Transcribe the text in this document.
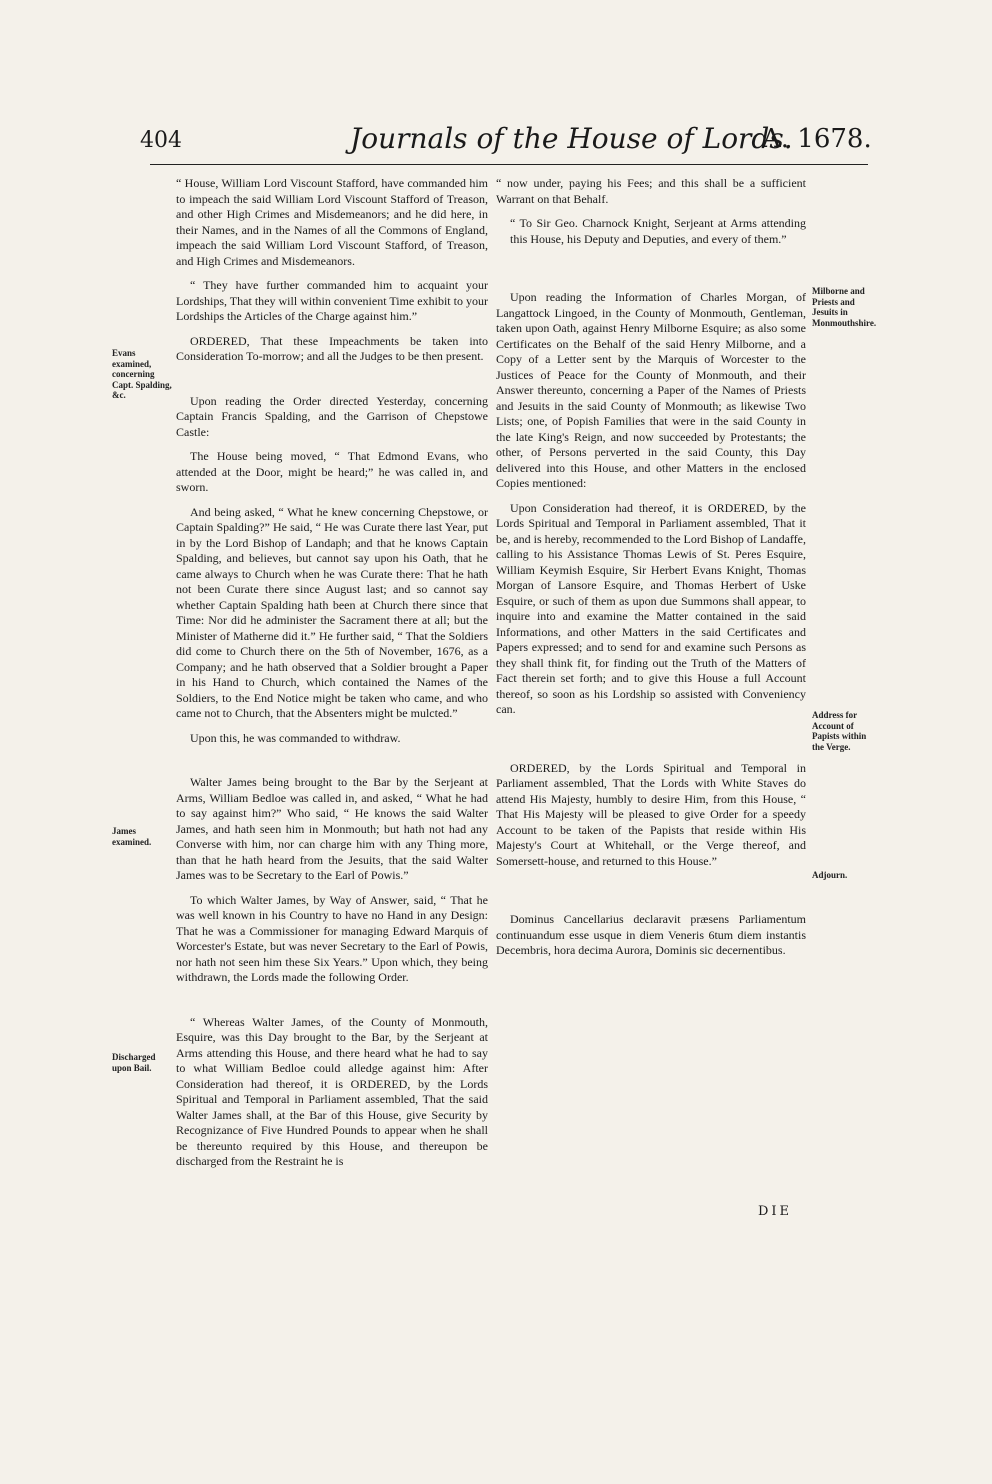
404	Journals of the House of Lords.
A. 1678.

“ House, William Lord Viscount Stafford, have commanded him to impeach the said William Lord Viscount Stafford of Treason, and other High Crimes and Misdemeanors; and he did here, in their Names, and in the Names of all the Commons of England, impeach the said William Lord Viscount Stafford, of Treason, and High Crimes and Misdemeanors.

“ They have further commanded him to acquaint your Lordships, That they will within convenient Time exhibit to your Lordships the Articles of the Charge against him.”

ORDERED, That these Impeachments be taken into Consideration To-morrow; and all the Judges to be then present.

Upon reading the Order directed Yesterday, concerning Captain Francis Spalding, and the Garrison of Chepstowe Castle:

The House being moved, “ That Edmond Evans, who attended at the Door, might be heard;” he was called in, and sworn.

And being asked, “ What he knew concerning Chepstowe, or Captain Spalding?” He said, “ He was Curate there last Year, put in by the Lord Bishop of Landaph; and that he knows Captain Spalding, and believes, but cannot say upon his Oath, that he came always to Church when he was Curate there: That he hath not been Curate there since August last; and so cannot say whether Captain Spalding hath been at Church there since that Time: Nor did he administer the Sacrament there at all; but the Minister of Matherne did it.” He further said, “ That the Soldiers did come to Church there on the 5th of November, 1676, as a Company; and he hath observed that a Soldier brought a Paper in his Hand to Church, which contained the Names of the Soldiers, to the End Notice might be taken who came, and who came not to Church, that the Absenters might be mulcted.”

Upon this, he was commanded to withdraw.

Walter James being brought to the Bar by the Serjeant at Arms, William Bedloe was called in, and asked, “ What he had to say against him?” Who said, “ He knows the said Walter James, and hath seen him in Monmouth; but hath not had any Converse with him, nor can charge him with any Thing more, than that he hath heard from the Jesuits, that the said Walter James was to be Secretary to the Earl of Powis.”

To which Walter James, by Way of Answer, said, “ That he was well known in his Country to have no Hand in any Design: That he was a Commissioner for managing Edward Marquis of Worcester's Estate, but was never Secretary to the Earl of Powis, nor hath not seen him these Six Years.” Upon which, they being withdrawn, the Lords made the following Order.

“ Whereas Walter James, of the County of Monmouth, Esquire, was this Day brought to the Bar, by the Serjeant at Arms attending this House, and there heard what he had to say to what William Bedloe could alledge against him: After Consideration had thereof, it is ORDERED, by the Lords Spiritual and Temporal in Parliament assembled, That the said Walter James shall, at the Bar of this House, give Security by Recognizance of Five Hundred Pounds to appear when he shall be thereunto required by this House, and thereupon be discharged from the Restraint he is

“ now under, paying his Fees; and this shall be a sufficient Warrant on that Behalf.

“ To Sir Geo. Charnock Knight, Serjeant at Arms attending this House, his Deputy and Deputies, and every of them.”

Upon reading the Information of Charles Morgan, of Langattock Lingoed, in the County of Monmouth, Gentleman, taken upon Oath, against Henry Milborne Esquire; as also some Certificates on the Behalf of the said Henry Milborne, and a Copy of a Letter sent by the Marquis of Worcester to the Justices of Peace for the County of Monmouth, and their Answer thereunto, concerning a Paper of the Names of Priests and Jesuits in the said County of Monmouth; as likewise Two Lists; one, of Popish Families that were in the said County in the late King's Reign, and now succeeded by Protestants; the other, of Persons perverted in the said County, this Day delivered into this House, and other Matters in the enclosed Copies mentioned:

Upon Consideration had thereof, it is ORDERED, by the Lords Spiritual and Temporal in Parliament assembled, That it be, and is hereby, recommended to the Lord Bishop of Landaffe, calling to his Assistance Thomas Lewis of St. Peres Esquire, William Keymish Esquire, Sir Herbert Evans Knight, Thomas Morgan of Lansore Esquire, and Thomas Herbert of Uske Esquire, or such of them as upon due Summons shall appear, to inquire into and examine the Matter contained in the said Informations, and other Matters in the said Certificates and Papers expressed; and to send for and examine such Persons as they shall think fit, for finding out the Truth of the Matters of Fact therein set forth; and to give this House a full Account thereof, so soon as his Lordship so assisted with Conveniency can.

ORDERED, by the Lords Spiritual and Temporal in Parliament assembled, That the Lords with White Staves do attend His Majesty, humbly to desire Him, from this House, “ That His Majesty will be pleased to give Order for a speedy Account to be taken of the Papists that reside within His Majesty's Court at Whitehall, or the Verge thereof, and Somersett-house, and returned to this House.”

Dominus Cancellarius declaravit præsens Parliamentum continuandum esse usque in diem Veneris 6tum diem instantis Decembris, hora decima Aurora, Dominis sic decernentibus.

Evans examined, concerning Capt. Spalding, &c.
James examined.
Discharged upon Bail.
Milborne and Priests and Jesuits in Monmouthshire.
Address for Account of Papists within the Verge.
Adjourn.
DIE
